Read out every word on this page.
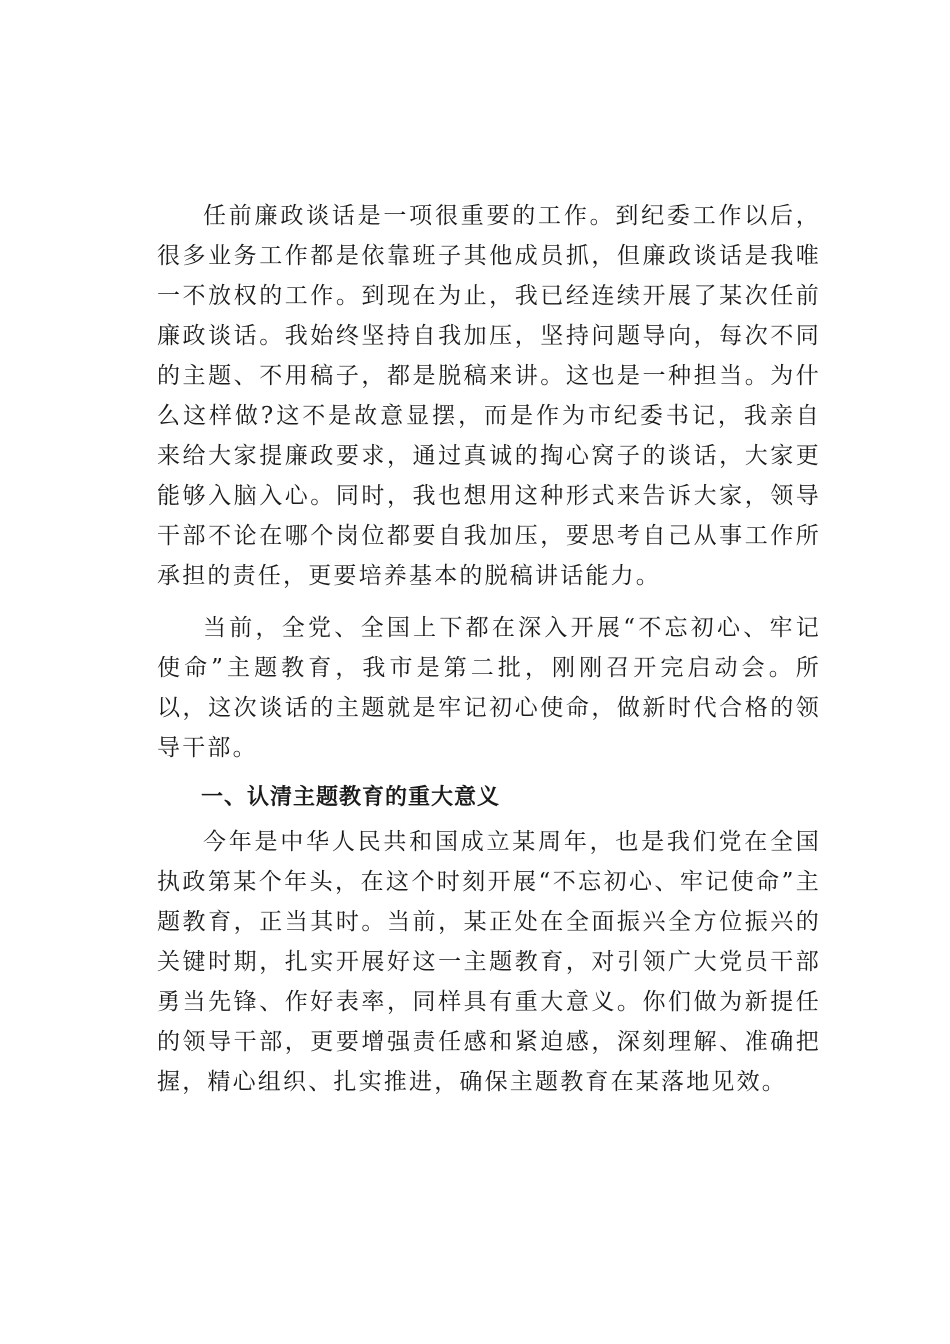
任前廉政谈话是一项很重要的工作。到纪委工作以后，很多业务工作都是依靠班子其他成员抓，但廉政谈话是我唯一不放权的工作。到现在为止，我已经连续开展了某次任前廉政谈话。我始终坚持自我加压，坚持问题导向，每次不同的主题、不用稿子，都是脱稿来讲。这也是一种担当。为什么这样做?这不是故意显摆，而是作为市纪委书记，我亲自来给大家提廉政要求，通过真诚的掏心窝子的谈话，大家更能够入脑入心。同时，我也想用这种形式来告诉大家，领导干部不论在哪个岗位都要自我加压，要思考自己从事工作所承担的责任，更要培养基本的脱稿讲话能力。

当前，全党、全国上下都在深入开展“不忘初心、牢记使命”主题教育，我市是第二批，刚刚召开完启动会。所以，这次谈话的主题就是牢记初心使命，做新时代合格的领导干部。

一、认清主题教育的重大意义

今年是中华人民共和国成立某周年，也是我们党在全国执政第某个年头，在这个时刻开展“不忘初心、牢记使命”主题教育，正当其时。当前，某正处在全面振兴全方位振兴的关键时期，扎实开展好这一主题教育，对引领广大党员干部勇当先锋、作好表率，同样具有重大意义。你们做为新提任的领导干部，更要增强责任感和紧迫感，深刻理解、准确把握，精心组织、扎实推进，确保主题教育在某落地见效。
